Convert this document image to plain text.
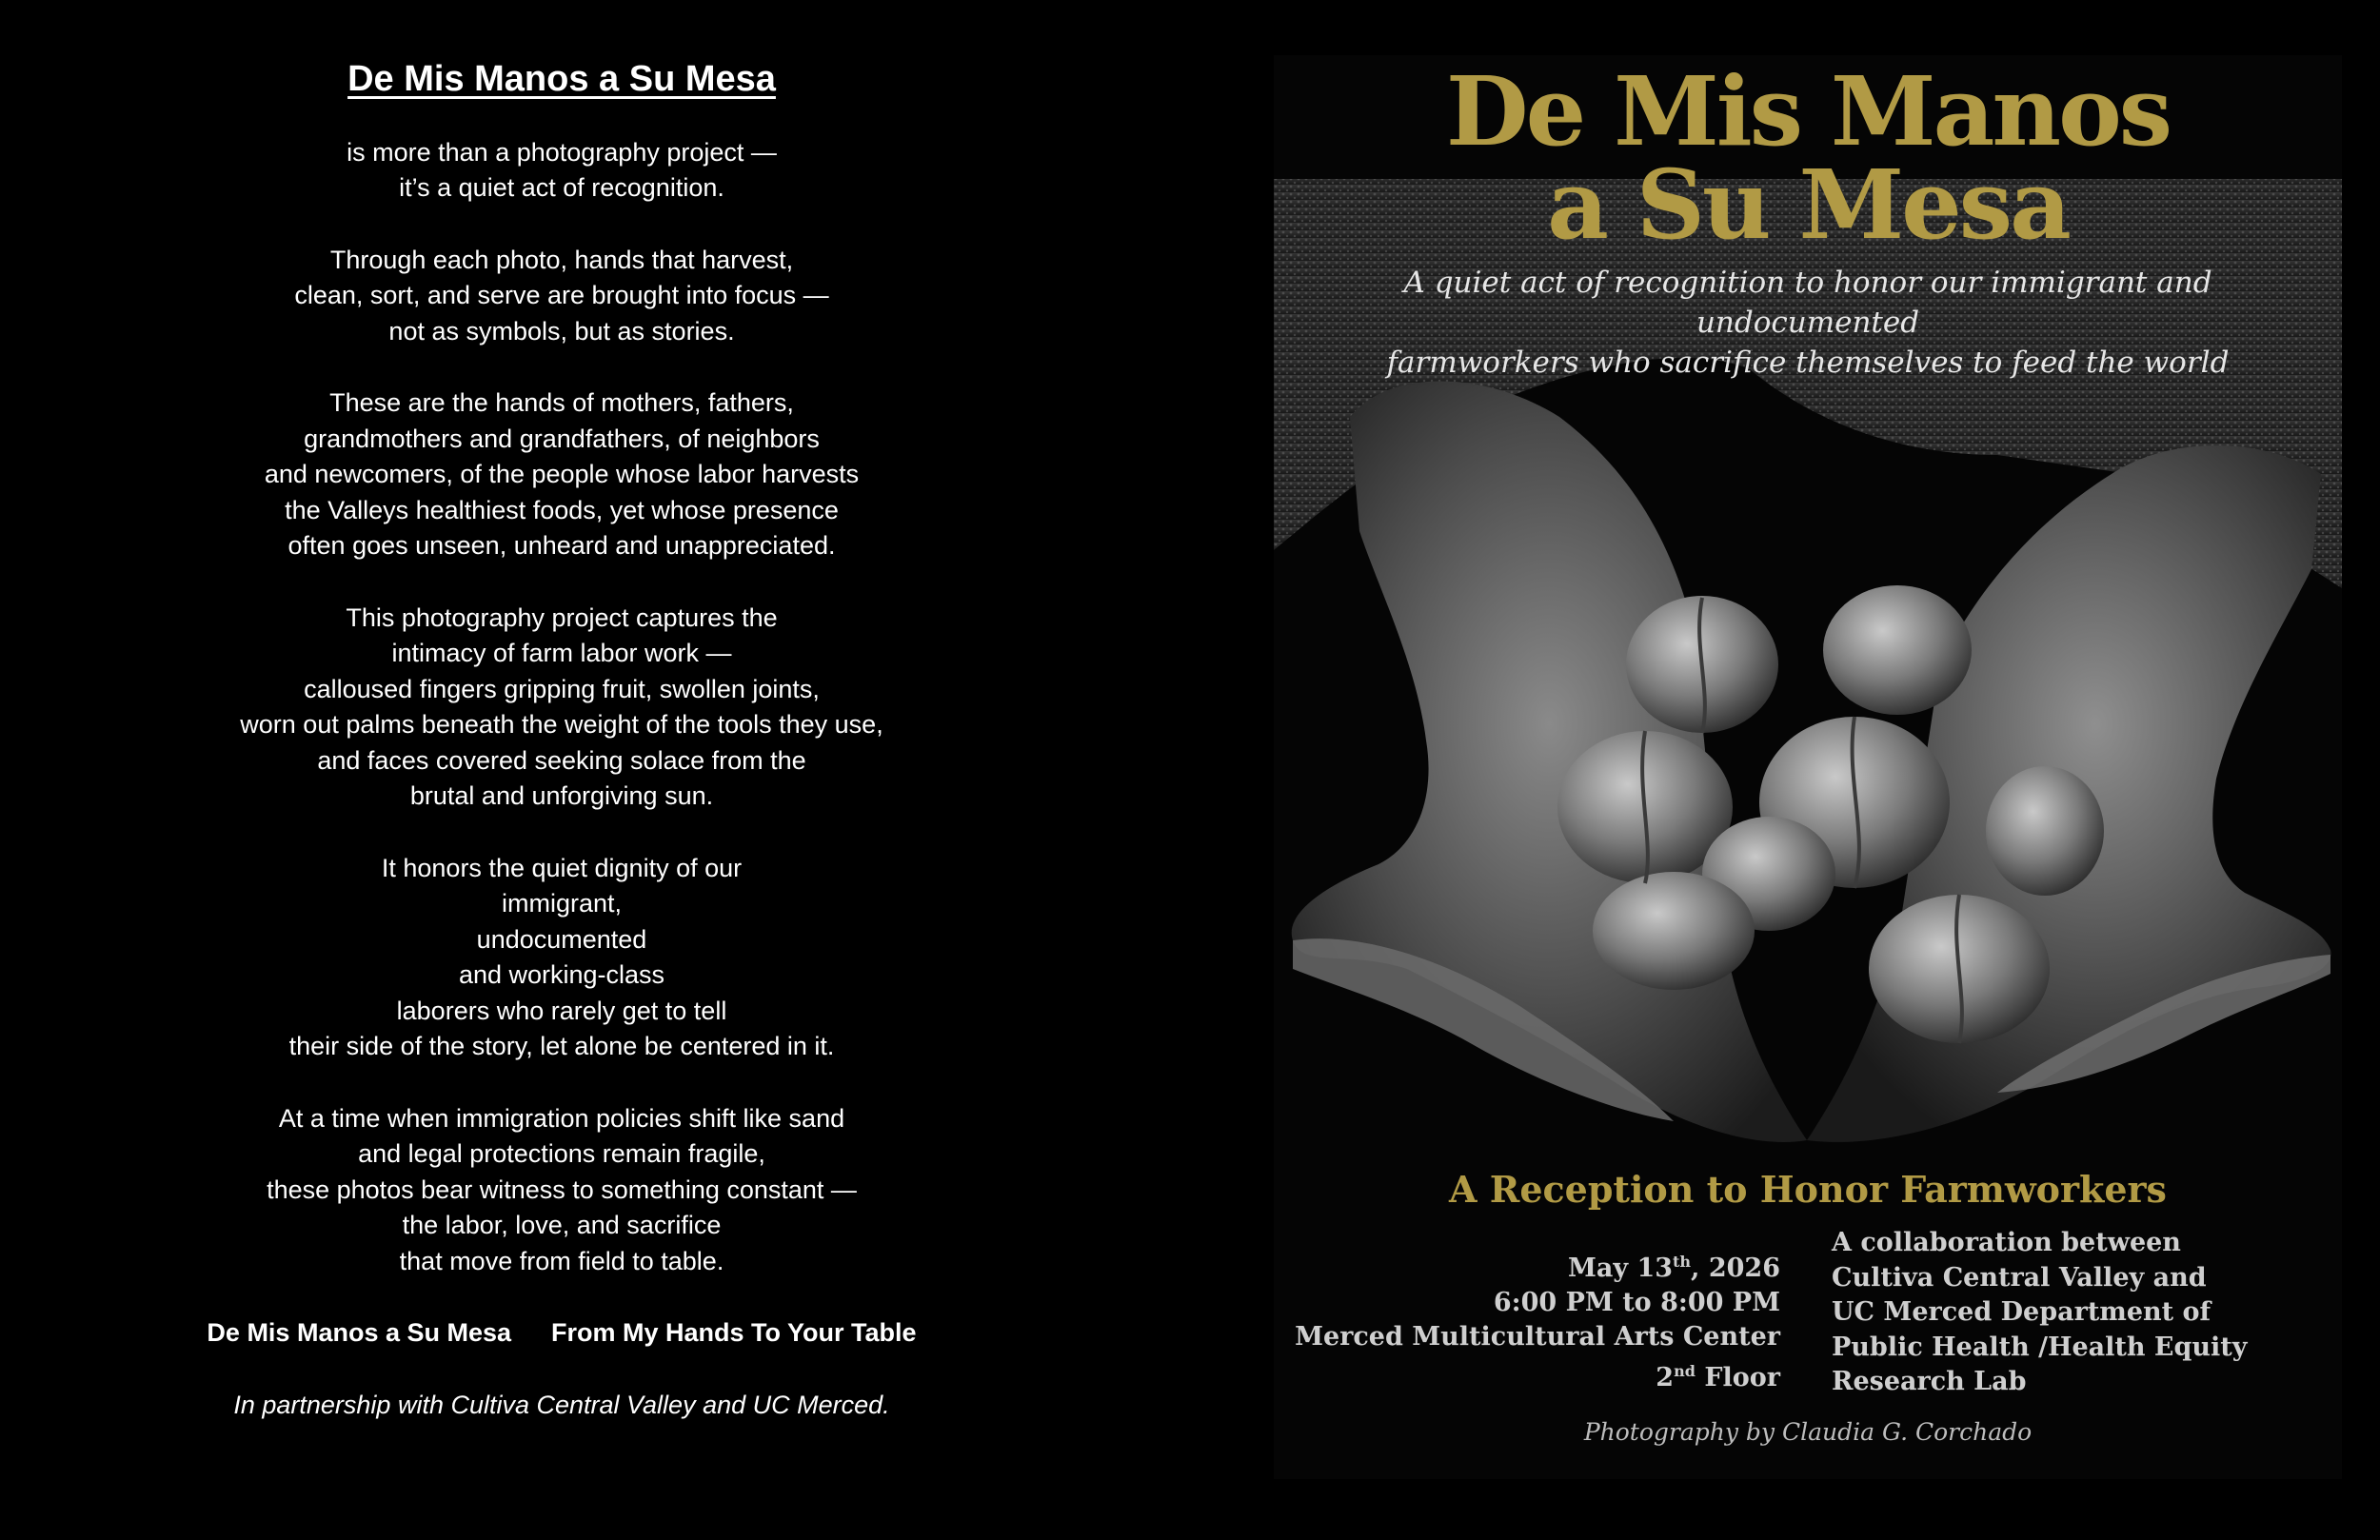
De Mis Manos a Su Mesa
is more than a photography project —
it’s a quiet act of recognition.
Through each photo, hands that harvest,
clean, sort, and serve are brought into focus —
not as symbols, but as stories.
These are the hands of mothers, fathers,
grandmothers and grandfathers, of neighbors
and newcomers, of the people whose labor harvests
the Valleys healthiest foods, yet whose presence
often goes unseen, unheard and unappreciated.
This photography project captures the
intimacy of farm labor work —
calloused fingers gripping fruit, swollen joints,
worn out palms beneath the weight of the tools they use,
and faces covered seeking solace from the
brutal and unforgiving sun.
It honors the quiet dignity of our
immigrant,
undocumented
and working-class
laborers who rarely get to tell
their side of the story, let alone be centered in it.
At a time when immigration policies shift like sand
and legal protections remain fragile,
these photos bear witness to something constant —
the labor, love, and sacrifice
that move from field to table.
De Mis Manos a Su Mesa From My Hands To Your Table

In partnership with Cultiva Central Valley and UC Merced.

De Mis Manos
a Su Mesa
A quiet act of recognition to honor our immigrant and undocumented
farmworkers who sacrifice themselves to feed the world
A Reception to Honor Farmworkers
May 13th, 2026
6:00 PM to 8:00 PM
Merced Multicultural Arts Center
2nd Floor
A collaboration between
Cultiva Central Valley and
UC Merced Department of
Public Health /Health Equity
Research Lab
Photography by Claudia G. Corchado
